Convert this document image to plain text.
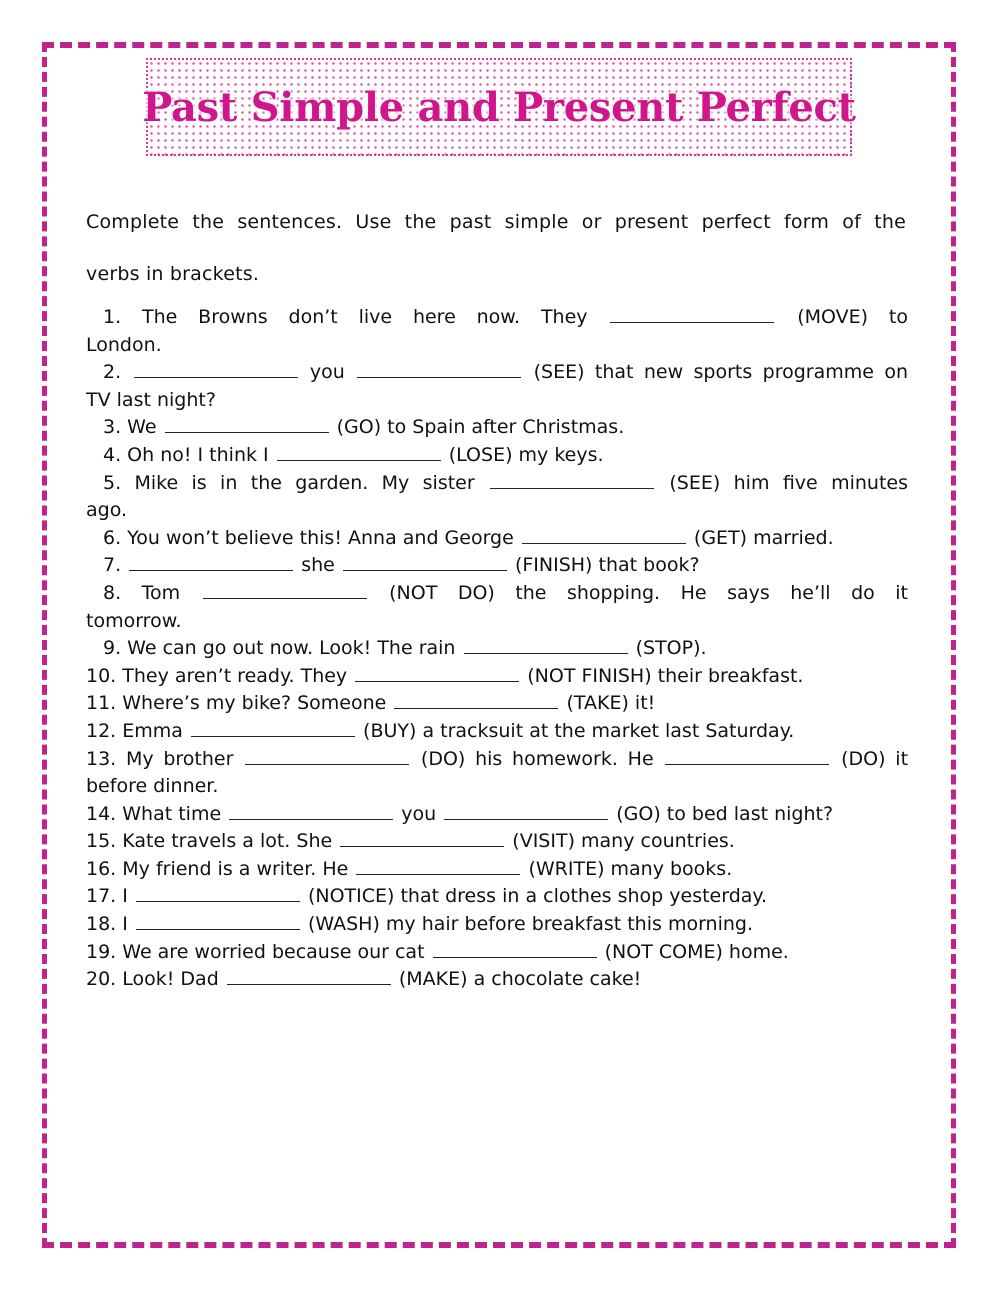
Past Simple and Present Perfect
Complete the sentences. Use the past simple or present perfect form of the
verbs in brackets.
1. The Browns don’t live here now. They	(MOVE) to
London.
2.	you	(SEE) that new sports programme on
TV last night?
3. We	(GO) to Spain after Christmas.
4. Oh no! I think I	(LOSE) my keys.
5. Mike is in the garden. My sister	(SEE) him five minutes
ago.
6. You won’t believe this! Anna and George	(GET) married.
7.	she	(FINISH) that book?
8. Tom	(NOT DO) the shopping. He says he’ll do it
tomorrow.
9. We can go out now. Look! The rain	(STOP).
10. They aren’t ready. They	(NOT FINISH) their breakfast.
11. Where’s my bike? Someone	(TAKE) it!
12. Emma	(BUY) a tracksuit at the market last Saturday.
13. My brother	(DO) his homework. He	(DO) it
before dinner.
14. What time	you	(GO) to bed last night?
15. Kate travels a lot. She	(VISIT) many countries.
16. My friend is a writer. He	(WRITE) many books.
17. I	(NOTICE) that dress in a clothes shop yesterday.
18. I	(WASH) my hair before breakfast this morning.
19. We are worried because our cat	(NOT COME) home.
20. Look! Dad	(MAKE) a chocolate cake!
